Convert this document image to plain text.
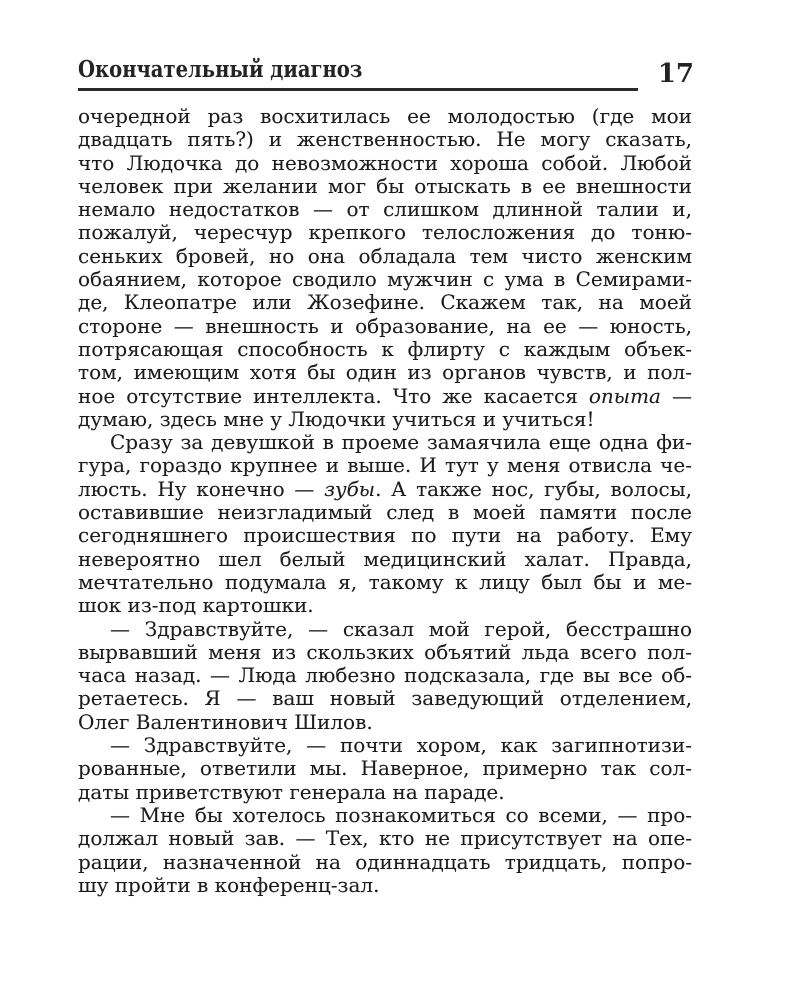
Окончательный диагноз	17
очередной раз восхитилась ее молодостью (где мои
двадцать пять?) и женственностью. Не могу сказать,
что Людочка до невозможности хороша собой. Любой
человек при желании мог бы отыскать в ее внешности
немало недостатков — от слишком длинной талии и,
пожалуй, чересчур крепкого телосложения до тоню-
сеньких бровей, но она обладала тем чисто женским
обаянием, которое сводило мужчин с ума в Семирами-
де, Клеопатре или Жозефине. Скажем так, на моей
стороне — внешность и образование, на ее — юность,
потрясающая способность к флирту с каждым объек-
том, имеющим хотя бы один из органов чувств, и пол-
ное отсутствие интеллекта. Что же касается опыта —
думаю, здесь мне у Людочки учиться и учиться!
Сразу за девушкой в проеме замаячила еще одна фи-
гура, гораздо крупнее и выше. И тут у меня отвисла че-
люсть. Ну конечно — зубы. А также нос, губы, волосы,
оставившие неизгладимый след в моей памяти после
сегодняшнего происшествия по пути на работу. Ему
невероятно шел белый медицинский халат. Правда,
мечтательно подумала я, такому к лицу был бы и ме-
шок из-под картошки.
— Здравствуйте, — сказал мой герой, бесстрашно
вырвавший меня из скользких объятий льда всего пол-
часа назад. — Люда любезно подсказала, где вы все об-
ретаетесь. Я — ваш новый заведующий отделением,
Олег Валентинович Шилов.
— Здравствуйте, — почти хором, как загипнотизи-
рованные, ответили мы. Наверное, примерно так сол-
даты приветствуют генерала на параде.
— Мне бы хотелось познакомиться со всеми, — про-
должал новый зав. — Тех, кто не присутствует на опе-
рации, назначенной на одиннадцать тридцать, попро-
шу пройти в конференц-зал.
